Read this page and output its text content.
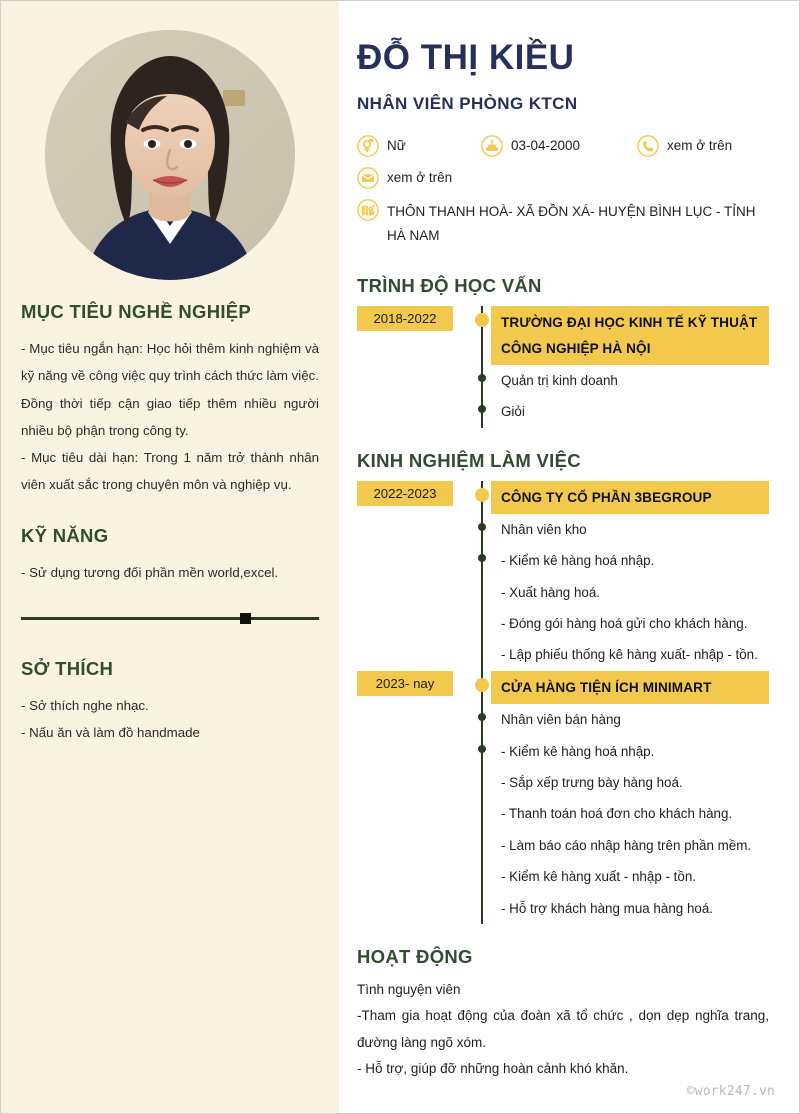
MỤC TIÊU NGHỀ NGHIỆP
- Mục tiêu ngắn hạn: Học hỏi thêm kinh nghiệm và kỹ năng về công việc quy trình cách thức làm việc. Đồng thời tiếp cận giao tiếp thêm nhiều người nhiều bộ phận trong công ty.
- Mục tiêu dài hạn: Trong 1 năm trở thành nhân viên xuất sắc trong chuyên môn và nghiệp vụ.
KỸ NĂNG
- Sử dụng tương đối phần mền world,excel.
SỞ THÍCH
- Sở thích nghe nhạc.
- Nấu ăn và làm đồ handmade
ĐỖ THỊ KIỀU
NHÂN VIÊN PHÒNG KTCN
Nữ	03-04-2000	xem ở trên
xem ở trên
THÔN THANH HOÀ- XÃ ĐỒN XÁ- HUYỆN BÌNH LỤC - TỈNH HÀ NAM
TRÌNH ĐỘ HỌC VẤN
2018-2022	TRƯỜNG ĐẠI HỌC KINH TẾ KỸ THUẬT CÔNG NGHIỆP HÀ NỘI
Quản trị kinh doanh
Giỏi
KINH NGHIỆM LÀM VIỆC
2022-2023	CÔNG TY CỔ PHẦN 3BEGROUP
Nhân viên kho
- Kiểm kê hàng hoá nhập.
- Xuất hàng hoá.
- Đóng gói hàng hoá gửi cho khách hàng.
- Lập phiếu thống kê hàng xuất- nhập - tồn.
2023- nay	CỬA HÀNG TIỆN ÍCH MINIMART
Nhân viên bán hàng
- Kiểm kê hàng hoá nhập.
- Sắp xếp trưng bày hàng hoá.
- Thanh toán hoá đơn cho khách hàng.
- Làm báo cáo nhập hàng trên phần mềm.
- Kiểm kê hàng xuất - nhập - tồn.
- Hỗ trợ khách hàng mua hàng hoá.
HOẠT ĐỘNG
Tình nguyện viên
-Tham gia hoạt động của đoàn xã tổ chức , dọn dẹp nghĩa trang, đường làng ngõ xóm.
- Hỗ trợ, giúp đỡ những hoàn cảnh khó khăn.
©work247.vn
